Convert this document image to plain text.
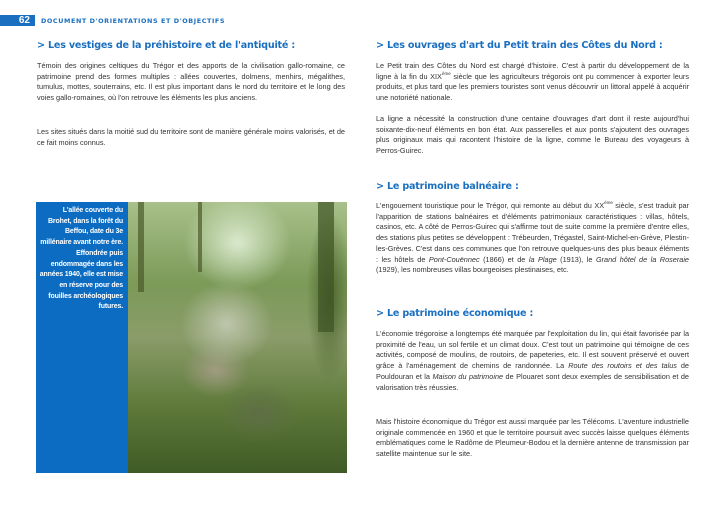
62	DOCUMENT D'ORIENTATIONS ET D'OBJECTIFS
> Les vestiges de la préhistoire et de l'antiquité :

Témoin des origines celtiques du Trégor et des apports de la civilisation gallo-romaine, ce patrimoine prend des formes multiples : allées couvertes, dolmens, menhirs, mégalithes, tumulus, mottes, souterrains, etc. Il est plus important dans le nord du territoire et le long des voies gallo-romaines, où l'on retrouve les éléments les plus anciens.

Les sites situés dans la moitié sud du territoire sont de manière générale moins valorisés, et de ce fait moins connus.

L'allée couverte du Brohet, dans la forêt du Beffou, date du 3e millénaire avant notre ère. Effondrée puis endommagée dans les années 1940, elle est mise en réserve pour des fouilles archéologiques futures.
> Les ouvrages d'art du Petit train des Côtes du Nord :

Le Petit train des Côtes du Nord est chargé d'histoire. C'est à partir du développement de la ligne à la fin du XIXème siècle que les agriculteurs trégorois ont pu commencer à exporter leurs produits, et plus tard que les premiers touristes sont venus découvrir un littoral appelé à acquérir une notoriété nationale.

La ligne a nécessité la construction d'une centaine d'ouvrages d'art dont il reste aujourd'hui soixante-dix-neuf éléments en bon état. Aux passerelles et aux ponts s'ajoutent des ouvrages plus originaux mais qui racontent l'histoire de la ligne, comme le Bureau des voyageurs à Perros-Guirec.

> Le patrimoine balnéaire :

L'engouement touristique pour le Trégor, qui remonte au début du XXème siècle, s'est traduit par l'apparition de stations balnéaires et d'éléments patrimoniaux caractéristiques : villas, hôtels, casinos, etc. A côté de Perros-Guirec qui s'affirme tout de suite comme la première d'entre elles, des stations plus petites se développent : Trébeurden, Trégastel, Saint-Michel-en-Grève, Plestin-les-Grèves. C'est dans ces communes que l'on retrouve quelques-uns des plus beaux éléments : les hôtels de Pont-Couënnec (1866) et de la Plage (1913), le Grand hôtel de la Roseraie (1929), les nombreuses villas bourgeoises plestinaises, etc.

> Le patrimoine économique :

L'économie trégoroise a longtemps été marquée par l'exploitation du lin, qui était favorisée par la proximité de l'eau, un sol fertile et un climat doux. C'est tout un patrimoine qui témoigne de ces activités, composé de moulins, de routoirs, de papeteries, etc. Il est souvent préservé et ouvert grâce à l'aménagement de chemins de randonnée. La Route des routoirs et des talus de Pouldouran et la Maison du patrimoine de Plouaret sont deux exemples de sensibilisation et de valorisation très réussies.

Mais l'histoire économique du Trégor est aussi marquée par les Télécoms. L'aventure industrielle originale commencée en 1960 et que le territoire poursuit avec succès laisse quelques éléments emblématiques come le Radôme de Pleumeur-Bodou et la dernière antenne de transmission par satellite maintenue sur le site.
